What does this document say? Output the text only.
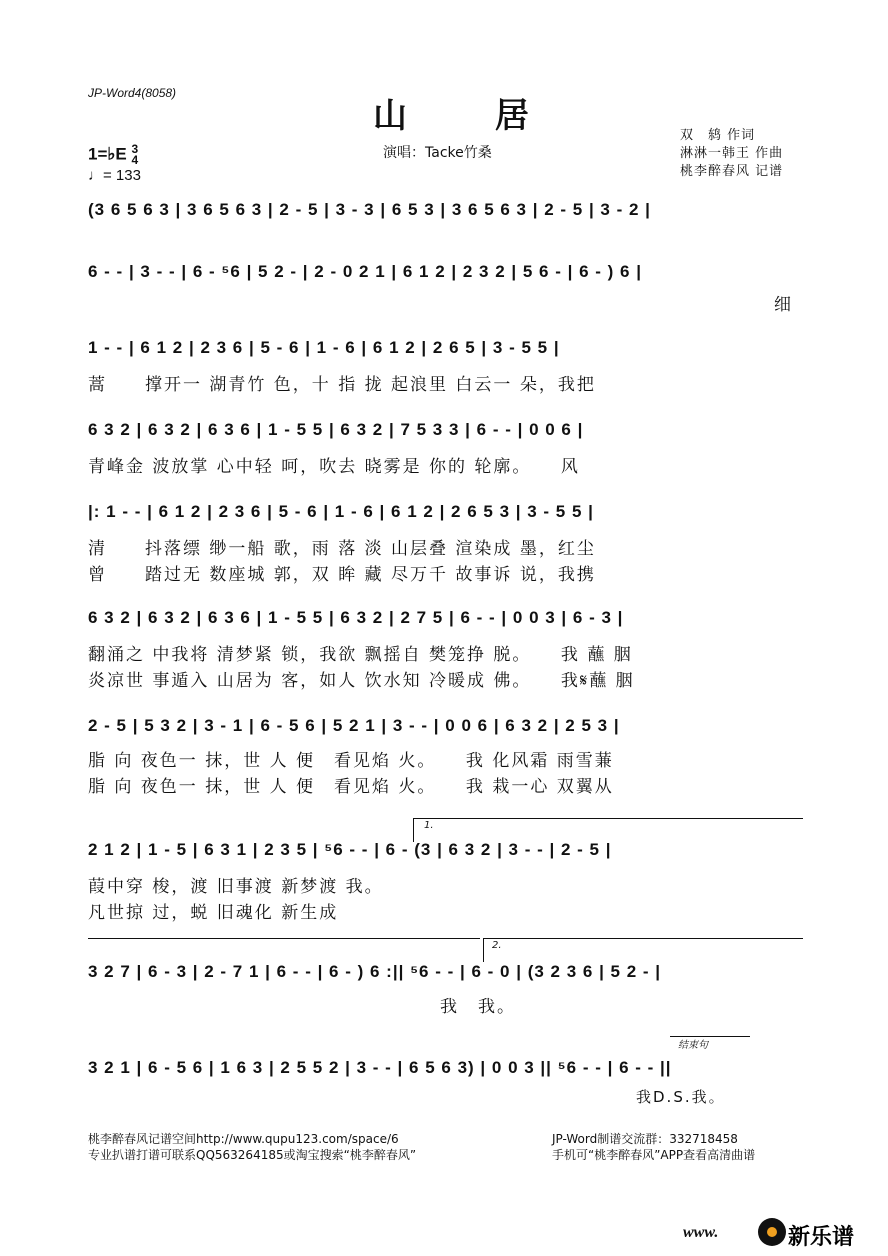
JP-Word4(8058)
山 居
演唱：Tacke竹桑
双　鸫 作词
淋淋一韩王 作曲
桃李醉春风 记谱
1=♭E 3
4
♩= 133
(3 6 5 6 3 | 3 6 5 6 3 | 2 - 5 | 3 - 3 | 6 5 3 | 3 6 5 6 3 | 2 - 5 | 3 - 2 |
6 - - | 3 - - | 6 - ⁵6 | 5 2 - | 2 - 0 2 1 | 6 1 2 | 2 3 2 | 5 6 - | 6 - ) 6 |
细
1 - - | 6 1 2 | 2 3 6 | 5 - 6 | 1 - 6 | 6 1 2 | 2 6 5 | 3 - 5 5 |
蒿　　撑开一 湖青竹 色，十 指 拢 起浪里 白云一 朵，我把
6 3 2 | 6 3 2 | 6 3 6 | 1 - 5 5 | 6 3 2 | 7 5 3 3 | 6 - - | 0 0 6 |
青峰金 波放掌 心中轻 呵，吹去 晓雾是 你的 轮廓。　　风
|: 1 - - | 6 1 2 | 2 3 6 | 5 - 6 | 1 - 6 | 6 1 2 | 2 6 5 3 | 3 - 5 5 |
清　　抖落缥 缈一船 歌，雨 落 淡 山层叠 渲染成 墨，红尘
曾　　踏过无 数座城 郭，双 眸 藏 尽万千 故事诉 说，我携
6 3 2 | 6 3 2 | 6 3 6 | 1 - 5 5 | 6 3 2 | 2 7 5 | 6 - - | 0 0 3 | 6 - 3 |
翻涌之 中我将 清梦紧 锁，我欲 飘摇自 樊笼挣 脱。　　我 蘸 胭
炎凉世 事遁入 山居为 客，如人 饮水知 冷暖成 佛。　　我𝄋蘸 胭
2 - 5 | 5 3 2 | 3 - 1 | 6 - 5 6 | 5 2 1 | 3 - - | 0 0 6 | 6 3 2 | 2 5 3 |
脂 向 夜色一 抹，世 人 便　看见焰 火。　　我 化风霜 雨雪蒹
脂 向 夜色一 抹，世 人 便　看见焰 火。　　我 栽一心 双翼从
1.
2 1 2 | 1 - 5 | 6 3 1 | 2 3 5 | ⁵6 - - | 6 - (3 | 6 3 2 | 3 - - | 2 - 5 |
葭中穿 梭，渡 旧事渡 新梦渡 我。
凡世掠 过，蜕 旧魂化 新生成
2.
3 2 7 | 6 - 3 | 2 - 7 1 | 6 - - | 6 - ) 6 :|| ⁵6 - - | 6 - 0 | (3 2 3 6 | 5 2 - |
我　我。
结束句
3 2 1 | 6 - 5 6 | 1 6 3 | 2 5 5 2 | 3 - - | 6 5 6 3) | 0 0 3 || ⁵6 - - | 6 - - ||
我D.S.我。
桃李醉春风记谱空间http://www.qupu123.com/space/6
专业扒谱打谱可联系QQ563264185或淘宝搜索“桃李醉春风”
JP-Word制谱交流群：332718458
手机可“桃李醉春风”APP查看高清曲谱
www.	新乐谱
